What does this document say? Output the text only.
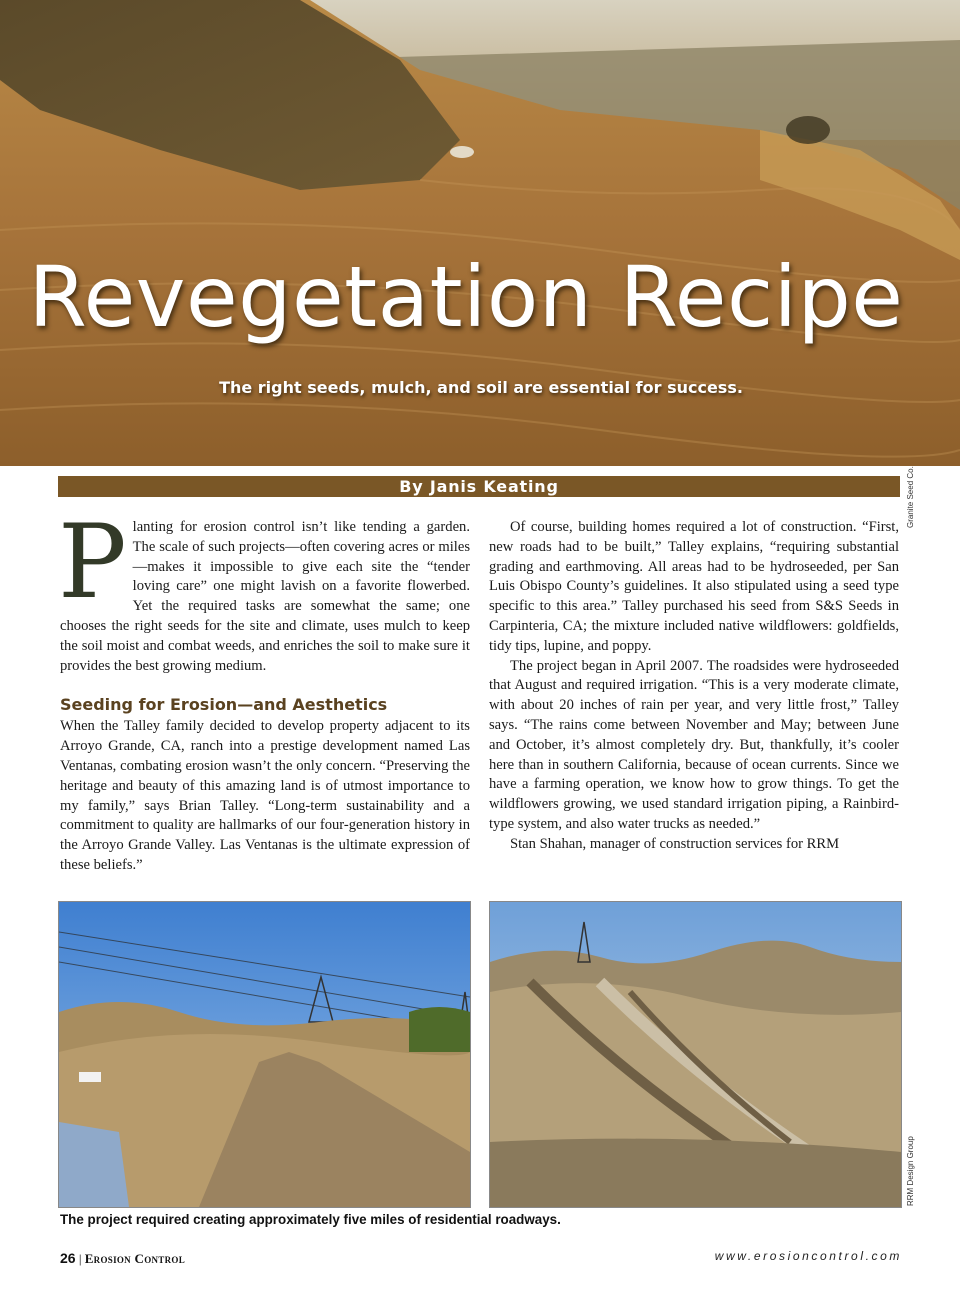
Revegetation Recipe

The right seeds, mulch, and soil are essential for success.

By Janis Keating	Granite Seed Co.

Planting for erosion control isn’t like tending a garden. The scale of such projects—often covering acres or miles—makes it impossible to give each site the “tender loving care” one might lavish on a favorite flowerbed. Yet the required tasks are somewhat the same; one chooses the right seeds for the site and climate, uses mulch to keep the soil moist and combat weeds, and enriches the soil to make sure it provides the best growing medium.

Seeding for Erosion—and Aesthetics

When the Talley family decided to develop property adjacent to its Arroyo Grande, CA, ranch into a prestige development named Las Ventanas, combating erosion wasn’t the only concern. “Preserving the heritage and beauty of this amazing land is of utmost importance to my family,” says Brian Talley. “Long-term sustainability and a commitment to quality are hallmarks of our four-generation history in the Arroyo Grande Valley. Las Ventanas is the ultimate expression of these beliefs.”

Of course, building homes required a lot of construction. “First, new roads had to be built,” Talley explains, “requiring substantial grading and earthmoving. All areas had to be hydroseeded, per San Luis Obispo County’s guidelines. It also stipulated using a seed type specific to this area.” Talley purchased his seed from S&S Seeds in Carpinteria, CA; the mixture included native wildflowers: goldfields, tidy tips, lupine, and poppy.

The project began in April 2007. The roadsides were hydroseeded that August and required irrigation. “This is a very moderate climate, with about 20 inches of rain per year, and very little frost,” Talley says. “The rains come between November and May; between June and October, it’s almost completely dry. But, thankfully, it’s cooler here than in southern California, because of ocean currents. Since we have a farming operation, we know how to grow things. To get the wildflowers growing, we used standard irrigation piping, a Rainbird-type system, and also water trucks as needed.”

Stan Shahan, manager of construction services for RRM

RRM Design Group

The project required creating approximately five miles of residential roadways.

26 | Erosion Control	www.erosioncontrol.com
